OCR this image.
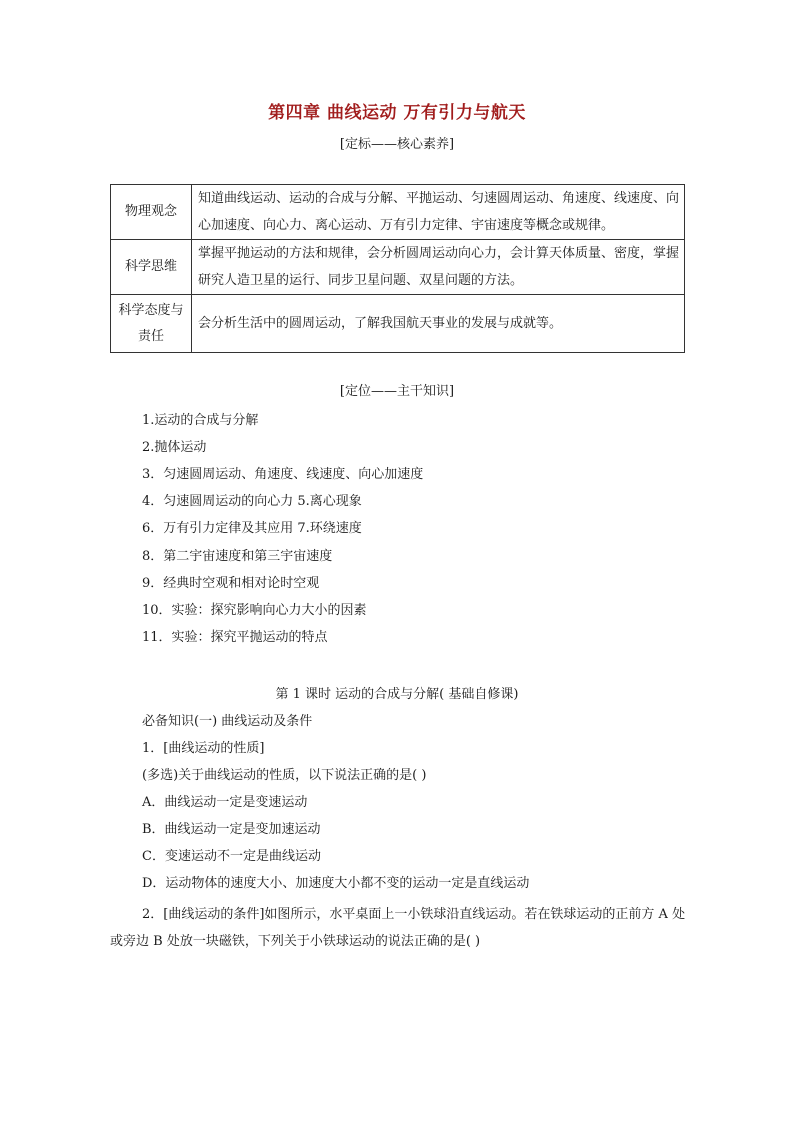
第四章 曲线运动 万有引力与航天
[定标——核心素养]
物理观念	知道曲线运动、运动的合成与分解、平抛运动、匀速圆周运动、角速度、线速度、向心加速度、向心力、离心运动、万有引力定律、宇宙速度等概念或规律。
科学思维	掌握平抛运动的方法和规律，会分析圆周运动向心力，会计算天体质量、密度，掌握研究人造卫星的运行、同步卫星问题、双星问题的方法。
科学态度与责任	会分析生活中的圆周运动，了解我国航天事业的发展与成就等。
[定位——主干知识]
1.运动的合成与分解
2.抛体运动
3．匀速圆周运动、角速度、线速度、向心加速度
4．匀速圆周运动的向心力 5.离心现象
6．万有引力定律及其应用 7.环绕速度
8．第二宇宙速度和第三宇宙速度
9．经典时空观和相对论时空观
10．实验：探究影响向心力大小的因素
11．实验：探究平抛运动的特点
第 1 课时 运动的合成与分解( 基础自修课)
必备知识(一) 曲线运动及条件
1．[曲线运动的性质]
(多选)关于曲线运动的性质，以下说法正确的是( )
A．曲线运动一定是变速运动
B．曲线运动一定是变加速运动
C．变速运动不一定是曲线运动
D．运动物体的速度大小、加速度大小都不变的运动一定是直线运动
2．[曲线运动的条件]如图所示，水平桌面上一小铁球沿直线运动。若在铁球运动的正前方 A 处或旁边 B 处放一块磁铁，下列关于小铁球运动的说法正确的是( )
